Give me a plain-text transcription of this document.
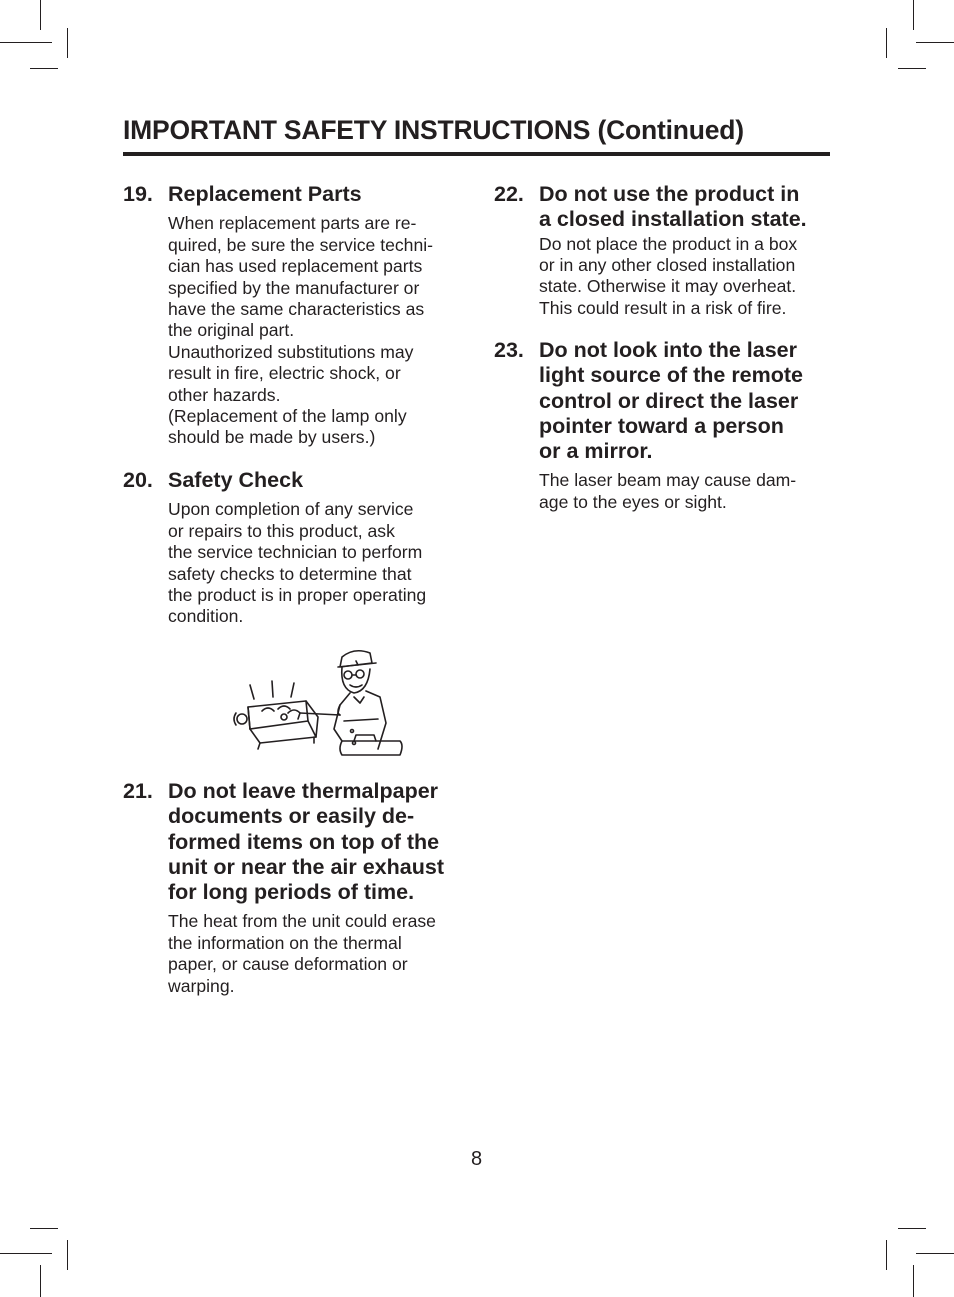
IMPORTANT SAFETY INSTRUCTIONS (Continued)
19. Replacement Parts
When replacement parts are re-
quired, be sure the service techni-
cian has used replacement parts
specified by the manufacturer or
have the same characteristics as
the original part.
Unauthorized substitutions may
result in fire, electric shock, or
other hazards.
(Replacement of the lamp only
should be made by users.)
20. Safety Check
Upon completion of any service
or repairs to this product, ask
the service technician to perform
safety checks to determine that
the product is in proper operating
condition.
21. Do not leave thermalpaper
documents or easily de-
formed items on top of the
unit or near the air exhaust
for long periods of time.
The heat from the unit could erase
the information on the thermal
paper, or cause deformation or
warping.
22. Do not use the product in
a closed installation state.
Do not place the product in a box
or in any other closed installation
state. Otherwise it may overheat.
This could result in a risk of fire.
23. Do not look into the laser
light source of the remote
control or direct the laser
pointer toward a person
or a mirror.
The laser beam may cause dam-
age to the eyes or sight.
8
